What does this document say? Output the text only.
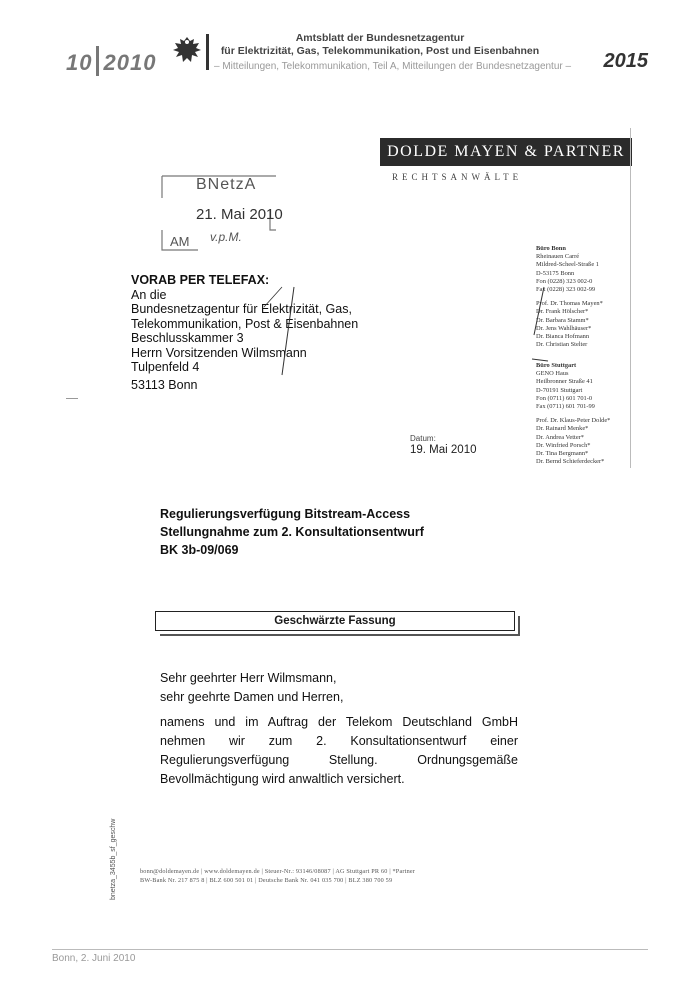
10 2010
Amtsblatt der Bundesnetzagentur
für Elektrizität, Gas, Telekommunikation, Post und Eisenbahnen
– Mitteilungen, Telekommunikation, Teil A, Mitteilungen der Bundesnetzagentur – 2015
DOLDE MAYEN & PARTNER
RECHTSANWÄLTE
BNetzA
21. Mai 2010
AM v.p.M.
VORAB PER TELEFAX:
An die
Bundesnetzagentur für Elektrizität, Gas,
Telekommunikation, Post & Eisenbahnen
Beschlusskammer 3
Herrn Vorsitzenden Wilmsmann
Tulpenfeld 4
53113 Bonn
Büro Bonn
Rheinauen Carré
Mildred-Scheel-Straße 1
D-53175 Bonn
Fon (0228) 323 002-0
Fax (0228) 323 002-99
Prof. Dr. Thomas Mayen*
Dr. Frank Hölscher*
Dr. Barbara Stamm*
Dr. Jens Wahlhäuser*
Dr. Bianca Hofmann
Dr. Christian Stelter
Büro Stuttgart
GENO Haus
Heilbronner Straße 41
D-70191 Stuttgart
Fon (0711) 601 701-0
Fax (0711) 601 701-99
Prof. Dr. Klaus-Peter Dolde*
Dr. Rainard Menke*
Dr. Andrea Vetter*
Dr. Winfried Porsch*
Dr. Tina Bergmann*
Dr. Bernd Schieferdecker*
Datum:
19. Mai 2010
Regulierungsverfügung Bitstream-Access
Stellungnahme zum 2. Konsultationsentwurf
BK 3b-09/069
Geschwärzte Fassung
Sehr geehrter Herr Wilmsmann,
sehr geehrte Damen und Herren,
namens und im Auftrag der Telekom Deutschland GmbH nehmen wir zum 2. Konsultationsentwurf einer Regulierungsverfügung Stellung. Ordnungsgemäße Bevollmächtigung wird anwaltlich versichert.
bnetza_3455b_sf_geschw	bonn@doldemayen.de | www.doldemayen.de | Steuer-Nr.: 93146/08087 | AG Stuttgart PR 60 | *Partner
BW-Bank Nr. 217 875 8 | BLZ 600 501 01 | Deutsche Bank Nr. 041 035 700 | BLZ 380 700 59
Bonn, 2. Juni 2010
